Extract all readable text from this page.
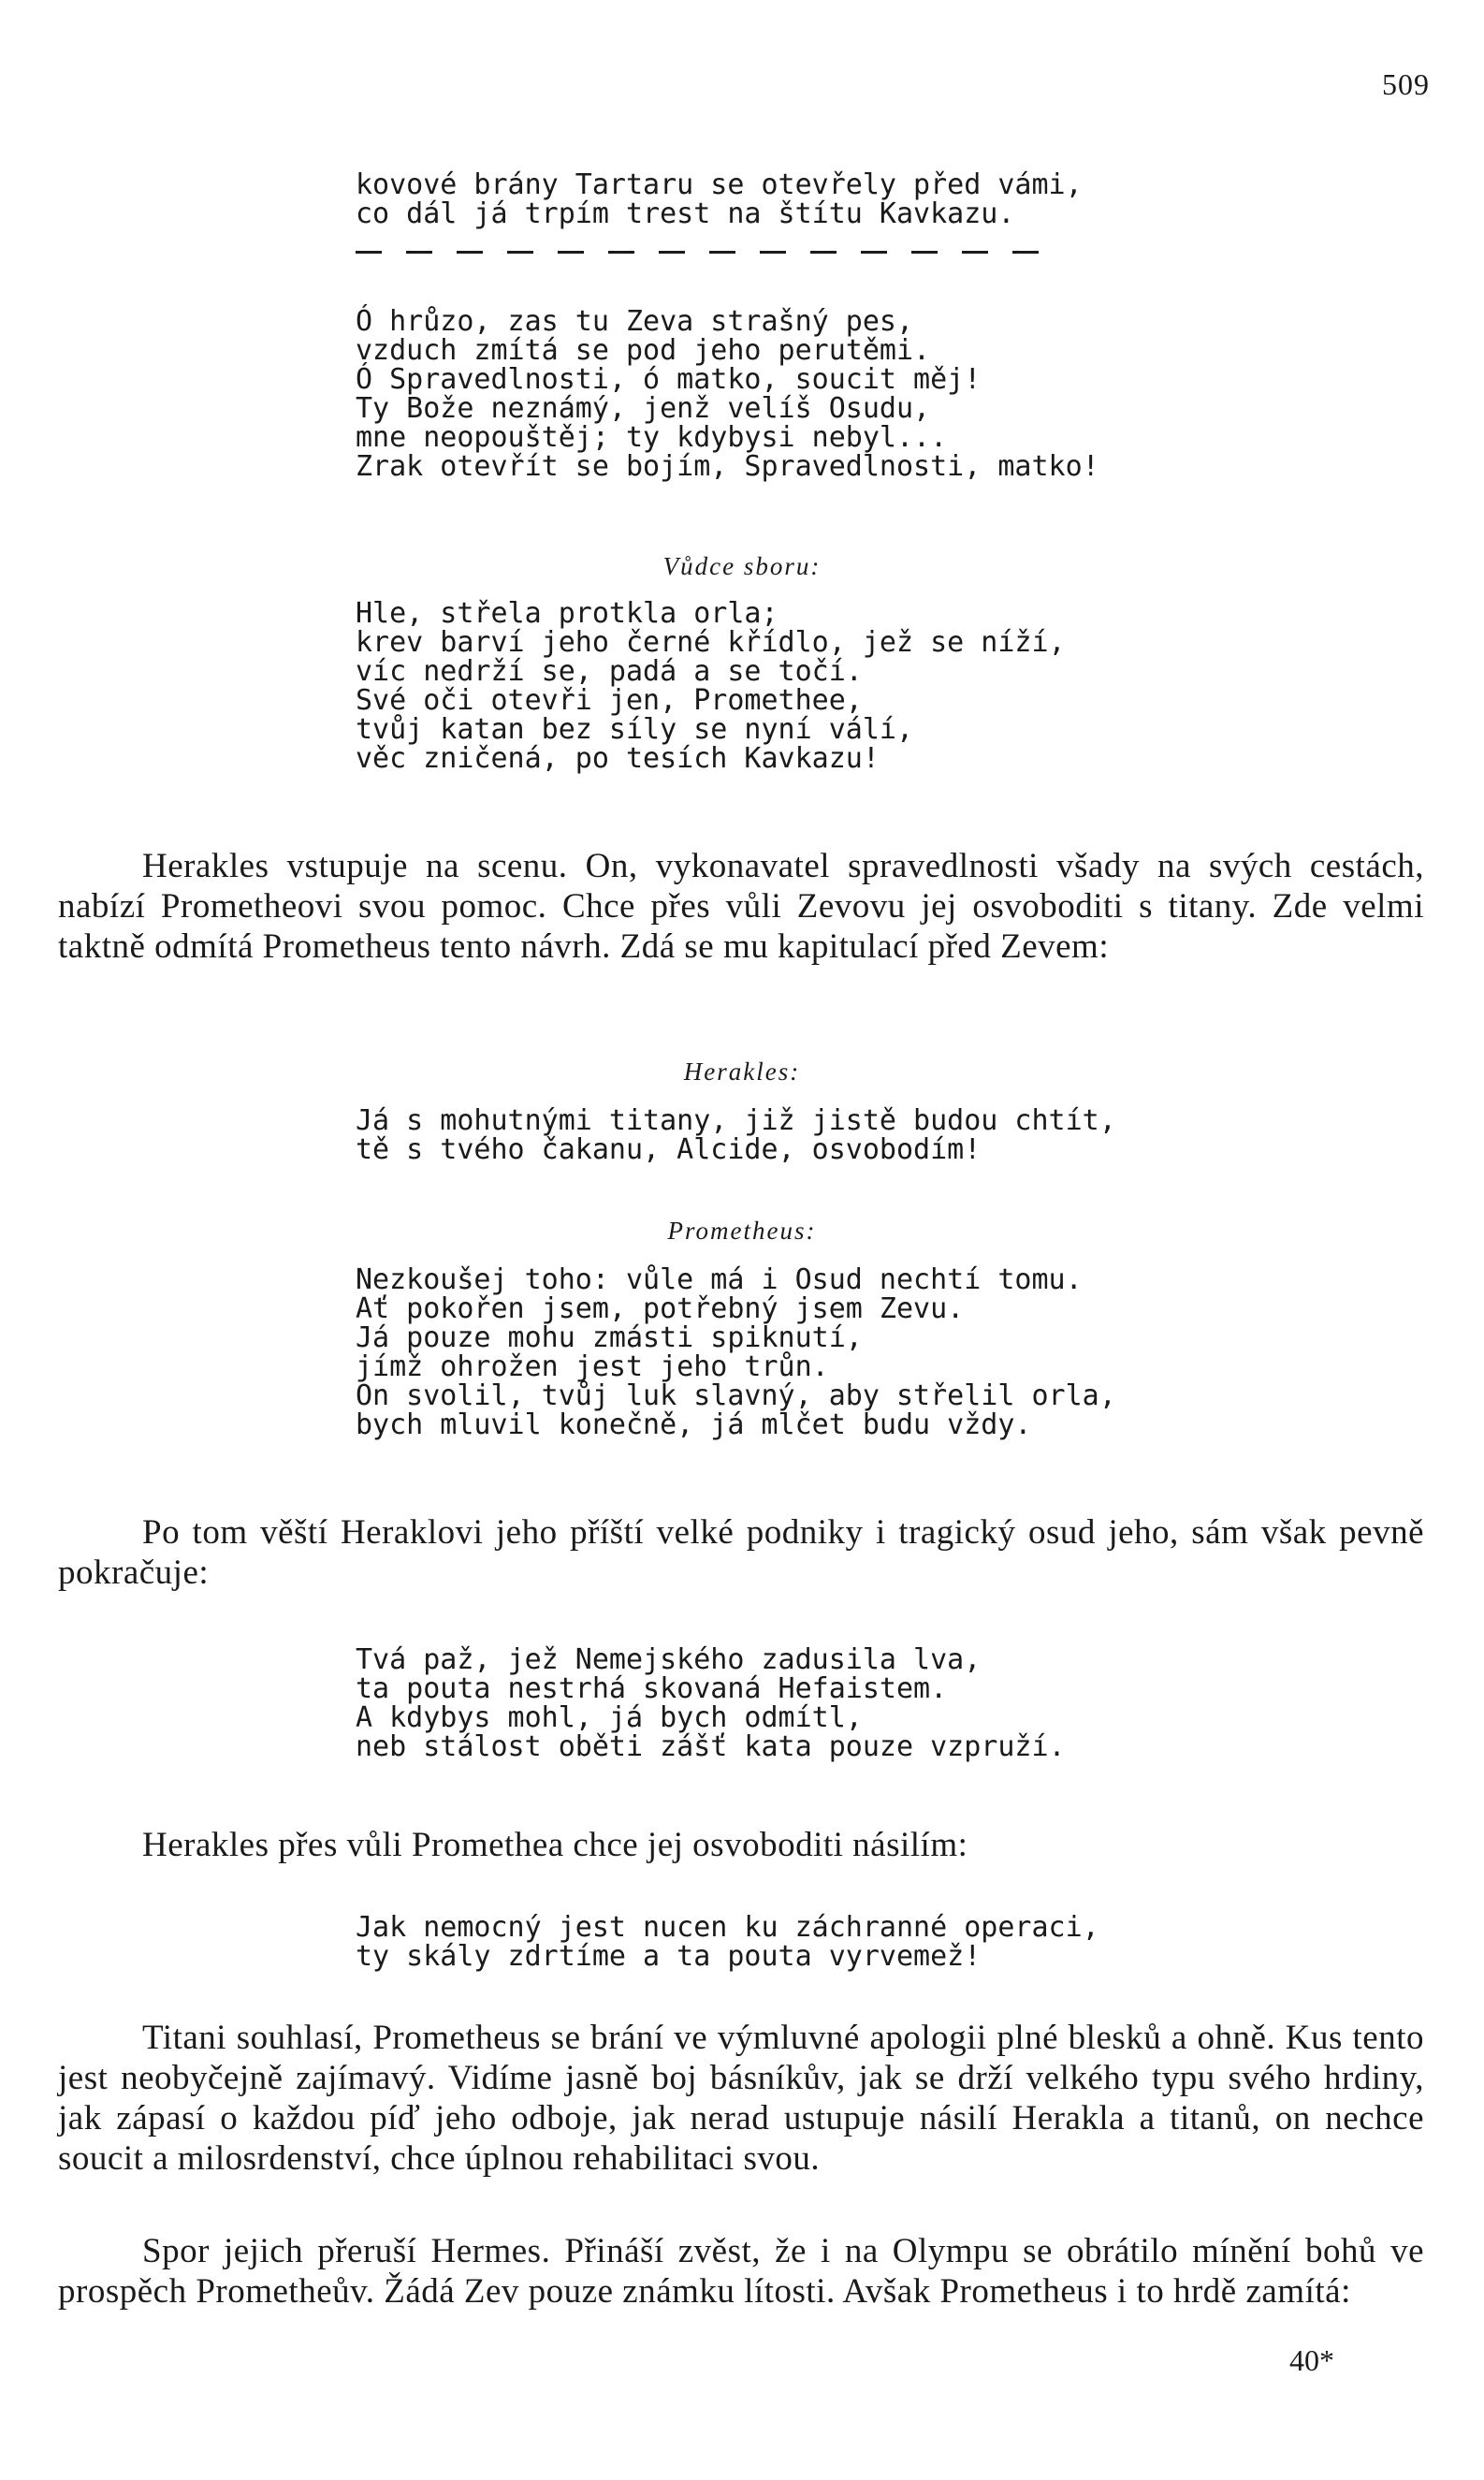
509
kovové brány Tartaru se otevřely před vámi,
co dál já trpím trest na štítu Kavkazu.
Ó hrůzo, zas tu Zeva strašný pes,
vzduch zmítá se pod jeho perutěmi.
Ó Spravedlnosti, ó matko, soucit měj!
Ty Bože neznámý, jenž velíš Osudu,
mne neopouštěj; ty kdybysi nebyl...
Zrak otevřít se bojím, Spravedlnosti, matko!
Vůdce sboru:
Hle, střela protkla orla;
krev barví jeho černé křídlo, jež se níží,
víc nedrží se, padá a se točí.
Své oči otevři jen, Promethee,
tvůj katan bez síly se nyní válí,
věc zničená, po tesích Kavkazu!
Herakles vstupuje na scenu. On, vykonavatel spravedlnosti všady na svých cestách, nabízí Prometheovi svou pomoc. Chce přes vůli Zevovu jej osvoboditi s titany. Zde velmi taktně odmítá Prometheus tento návrh. Zdá se mu kapitulací před Zevem:
Herakles:
Já s mohutnými titany, již jistě budou chtít,
tě s tvého čakanu, Alcide, osvobodím!
Prometheus:
Nezkoušej toho: vůle má i Osud nechtí tomu.
Ať pokořen jsem, potřebný jsem Zevu.
Já pouze mohu zmásti spiknutí,
jímž ohrožen jest jeho trůn.
On svolil, tvůj luk slavný, aby střelil orla,
bych mluvil konečně, já mlčet budu vždy.
Po tom věští Heraklovi jeho příští velké podniky i tragický osud jeho, sám však pevně pokračuje:
Tvá paž, jež Nemejského zadusila lva,
ta pouta nestrhá skovaná Hefaistem.
A kdybys mohl, já bych odmítl,
neb stálost oběti zášť kata pouze vzpruží.
Herakles přes vůli Promethea chce jej osvoboditi násilím:
Jak nemocný jest nucen ku záchranné operaci,
ty skály zdrtíme a ta pouta vyrvemež!
Titani souhlasí, Prometheus se brání ve výmluvné apologii plné blesků a ohně. Kus tento jest neobyčejně zajímavý. Vidíme jasně boj básníkův, jak se drží velkého typu svého hrdiny, jak zápasí o každou píď jeho odboje, jak nerad ustupuje násilí Herakla a titanů, on nechce soucit a milosrdenství, chce úplnou rehabilitaci svou.
Spor jejich přeruší Hermes. Přináší zvěst, že i na Olympu se obrátilo mínění bohů ve prospěch Prometheův. Žádá Zev pouze známku lítosti. Avšak Prometheus i to hrdě zamítá:
40*
